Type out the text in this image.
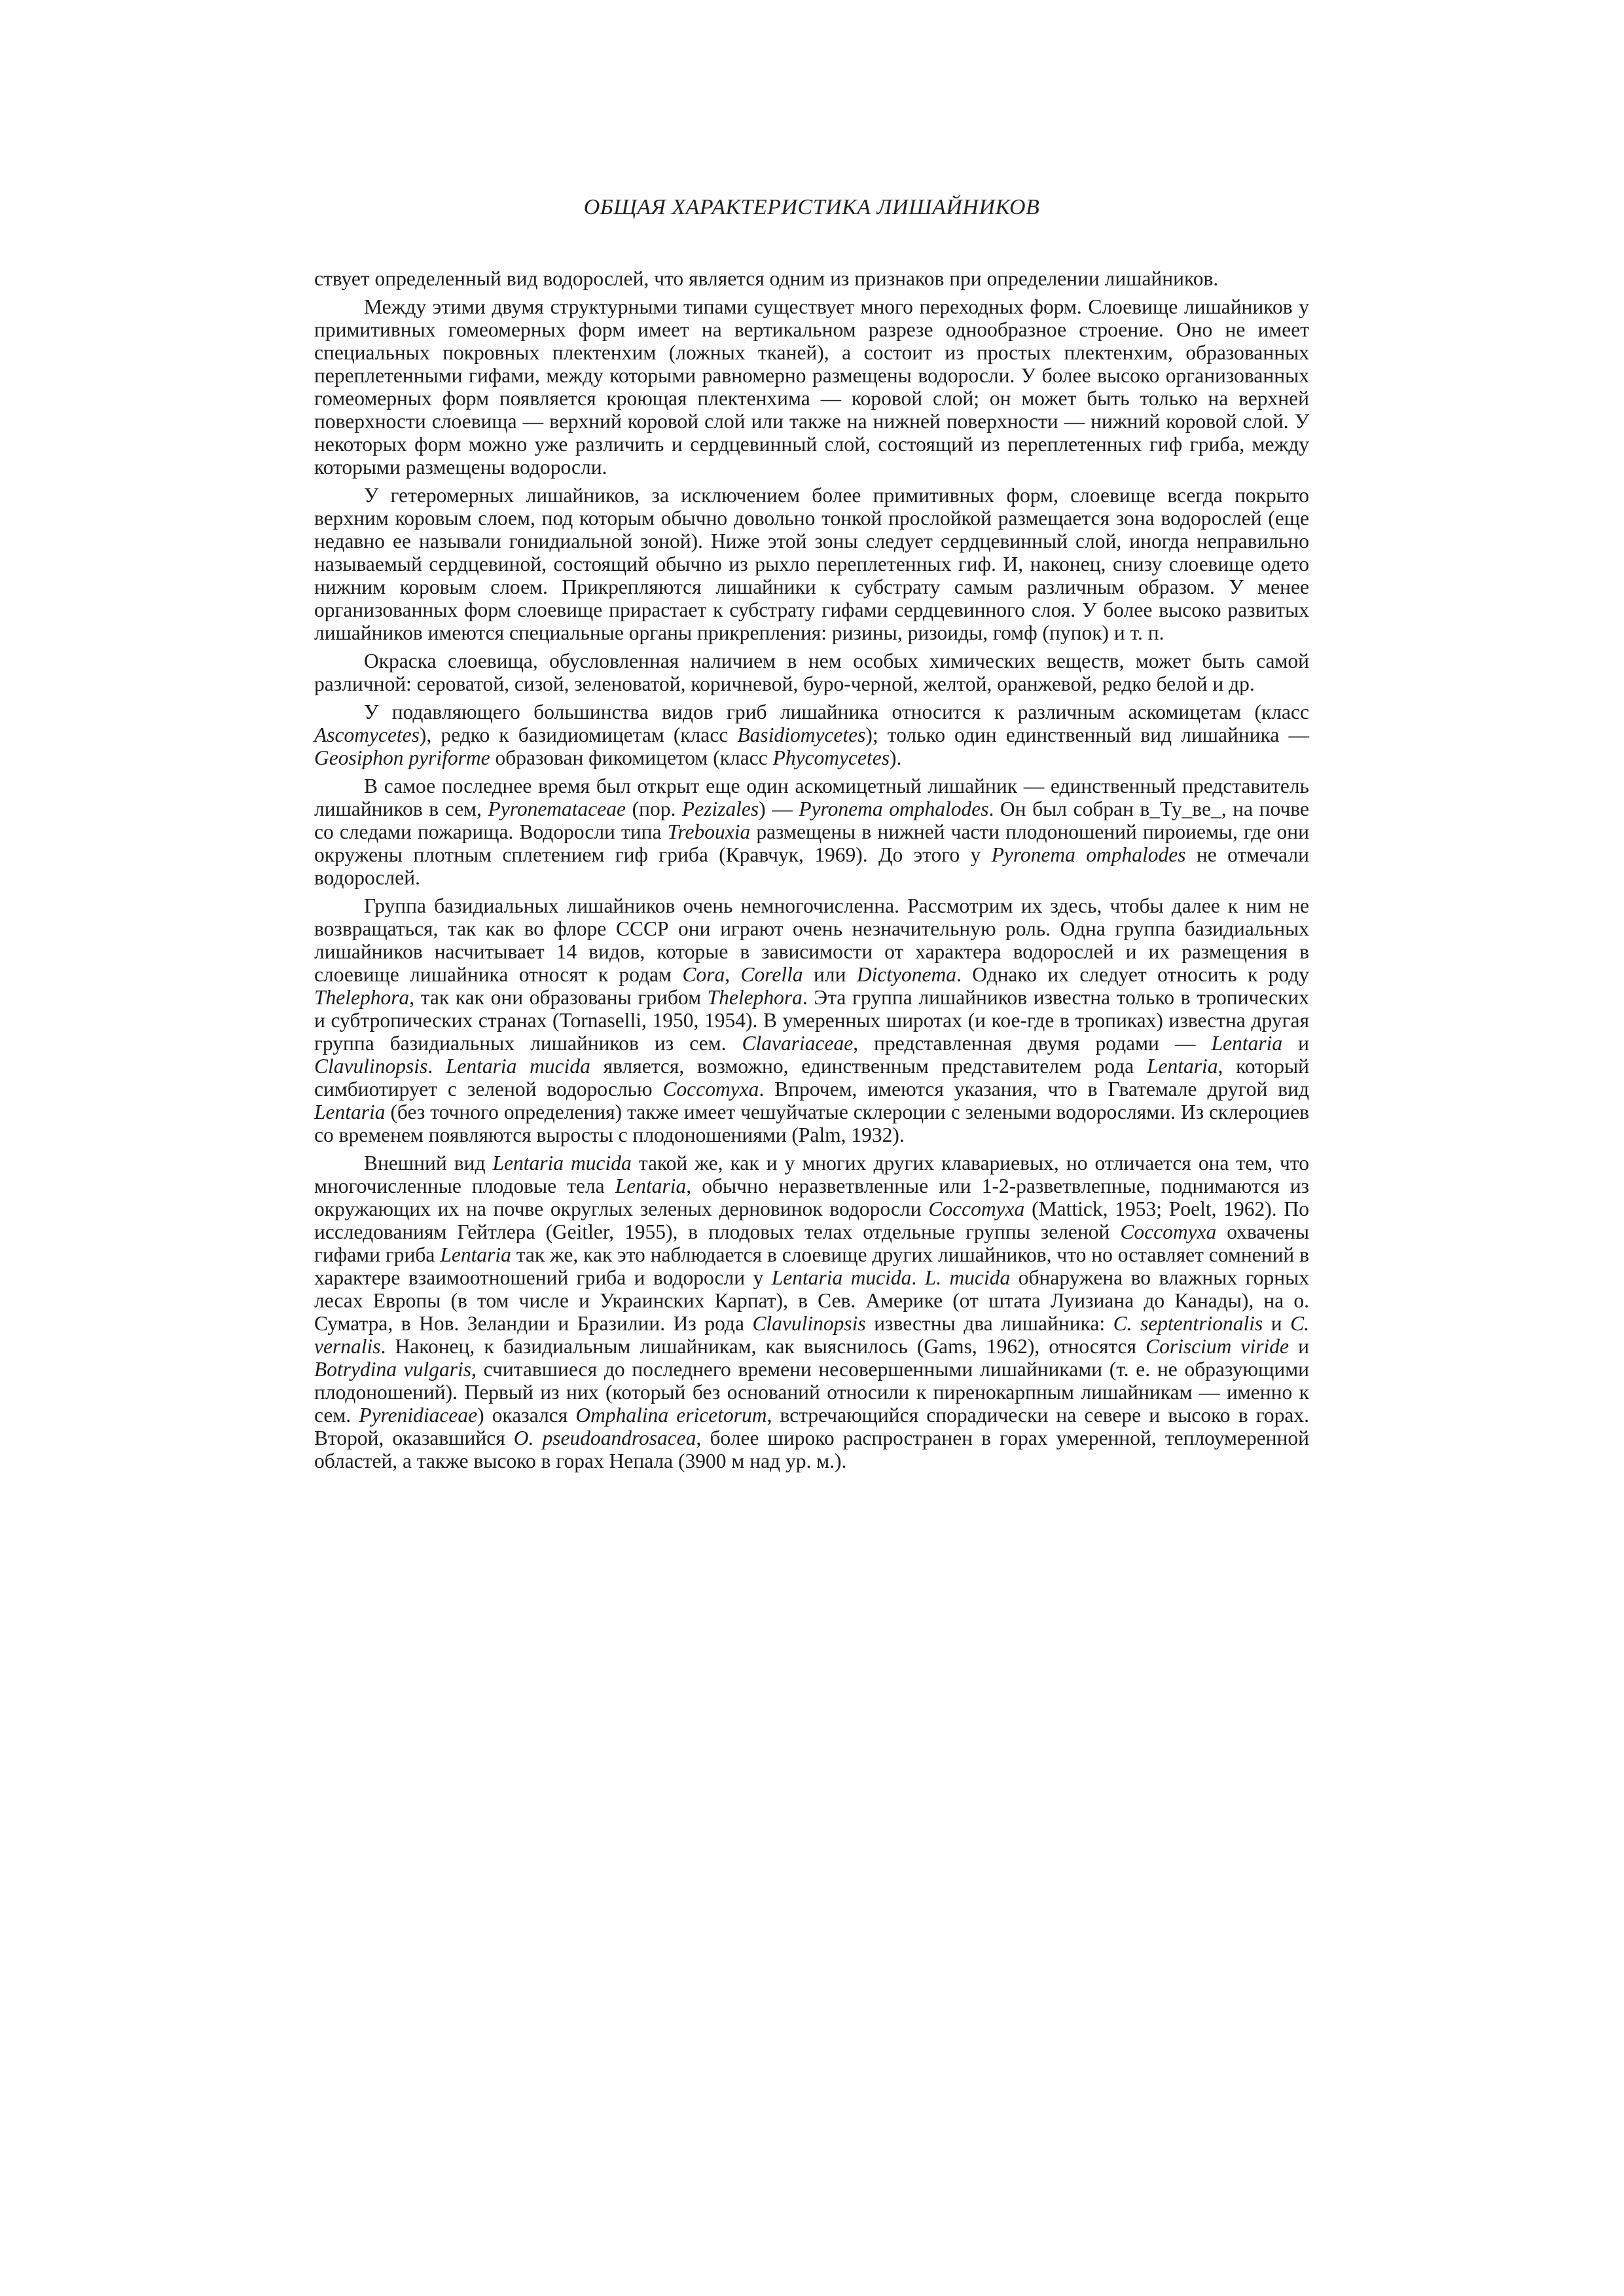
ОБЩАЯ ХАРАКТЕРИСТИКА ЛИШАЙНИКОВ

ствует определенный вид водорослей, что является одним из признаков при определении лишайников.

Между этими двумя структурными типами существует много переходных форм. Слоевище лишайников у примитивных гомеомерных форм имеет на вертикальном разрезе однообразное строение. Оно не имеет специальных покровных плектенхим (ложных тканей), а состоит из простых плектенхим, образованных переплетенными гифами, между которыми равномерно размещены водоросли. У более высоко организованных гомеомерных форм появляется кроющая плектенхима — коровой слой; он может быть только на верхней поверхности слоевища — верхний коровой слой или также на нижней поверхности — нижний коровой слой. У некоторых форм можно уже различить и сердцевинный слой, состоящий из переплетенных гиф гриба, между которыми размещены водоросли.

У гетеромерных лишайников, за исключением более примитивных форм, слоевище всегда покрыто верхним коровым слоем, под которым обычно довольно тонкой прослойкой размещается зона водорослей (еще недавно ее называли гонидиальной зоной). Ниже этой зоны следует сердцевинный слой, иногда неправильно называемый сердцевиной, состоящий обычно из рыхло переплетенных гиф. И, наконец, снизу слоевище одето нижним коровым слоем. Прикрепляются лишайники к субстрату самым различным образом. У менее организованных форм слоевище прирастает к субстрату гифами сердцевинного слоя. У более высоко развитых лишайников имеются специальные органы прикрепления: ризины, ризоиды, гомф (пупок) и т. п.

Окраска слоевища, обусловленная наличием в нем особых химических веществ, может быть самой различной: сероватой, сизой, зеленоватой, коричневой, буро-черной, желтой, оранжевой, редко белой и др.

У подавляющего большинства видов гриб лишайника относится к различным аскомицетам (класс Ascomycetes), редко к базидиомицетам (класс Basidiomycetes); только один единственный вид лишайника — Geosiphon pyriforme образован фикомицетом (класс Phycomycetes).

В самое последнее время был открыт еще один аскомицетный лишайник — единственный представитель лишайников в сем, Pyronemataceae (пор. Pezizales) — Pyronema omphalodes. Он был собран в_Ту_ве_, на почве со следами пожарища. Водоросли типа Trebouxia размещены в нижней части плодоношений пироиемы, где они окружены плотным сплетением гиф гриба (Кравчук, 1969). До этого у Pyronema omphalodes не отмечали водорослей.

Группа базидиальных лишайников очень немногочисленна. Рассмотрим их здесь, чтобы далее к ним не возвращаться, так как во флоре СССР они играют очень незначительную роль. Одна группа базидиальных лишайников насчитывает 14 видов, которые в зависимости от характера водорослей и их размещения в слоевище лишайника относят к родам Cora, Corella или Dictyonema. Однако их следует относить к роду Thelephora, так как они образованы грибом Thelephora. Эта группа лишайников известна только в тропических и субтропических странах (Tornaselli, 1950, 1954). В умеренных широтах (и кое-где в тропиках) известна другая группа базидиальных лишайников из сем. Clavariaceae, представленная двумя родами — Lentaria и Clavulinopsis. Lentaria mucida является, возможно, единственным представителем рода Lentaria, который симбиотирует с зеленой водорослью Coccomyxa. Впрочем, имеются указания, что в Гватемале другой вид Lentaria (без точного определения) также имеет чешуйчатые склероции с зелеными водорослями. Из склероциев со временем появляются выросты с плодоношениями (Palm, 1932).

Внешний вид Lentaria mucida такой же, как и у многих других клавариевых, но отличается она тем, что многочисленные плодовые тела Lentaria, обычно неразветвленные или 1-2-разветвлепные, поднимаются из окружающих их на почве округлых зеленых дерновинок водоросли Coccomyxa (Mattick, 1953; Poelt, 1962). По исследованиям Гейтлера (Geitler, 1955), в плодовых телах отдельные группы зеленой Coccomyxa охвачены гифами гриба Lentaria так же, как это наблюдается в слоевище других лишайников, что но оставляет сомнений в характере взаимоотношений гриба и водоросли у Lentaria mucida. L. mucida обнаружена во влажных горных лесах Европы (в том числе и Украинских Карпат), в Сев. Америке (от штата Луизиана до Канады), на о. Суматра, в Нов. Зеландии и Бразилии. Из рода Clavulinopsis известны два лишайника: C. septentrionalis и C. vernalis. Наконец, к базидиальным лишайникам, как выяснилось (Gams, 1962), относятся Coriscium viride и Botrydina vulgaris, считавшиеся до последнего времени несовершенными лишайниками (т. е. не образующими плодоношений). Первый из них (который без оснований относили к пиренокарпным лишайникам — именно к сем. Pyrenidiaceae) оказался Omphalina ericetorum, встречающийся спорадически на севере и высоко в горах. Второй, оказавшийся O. pseudoandrosacea, более широко распространен в горах умеренной, теплоумеренной областей, а также высоко в горах Непала (3900 м над ур. м.).
